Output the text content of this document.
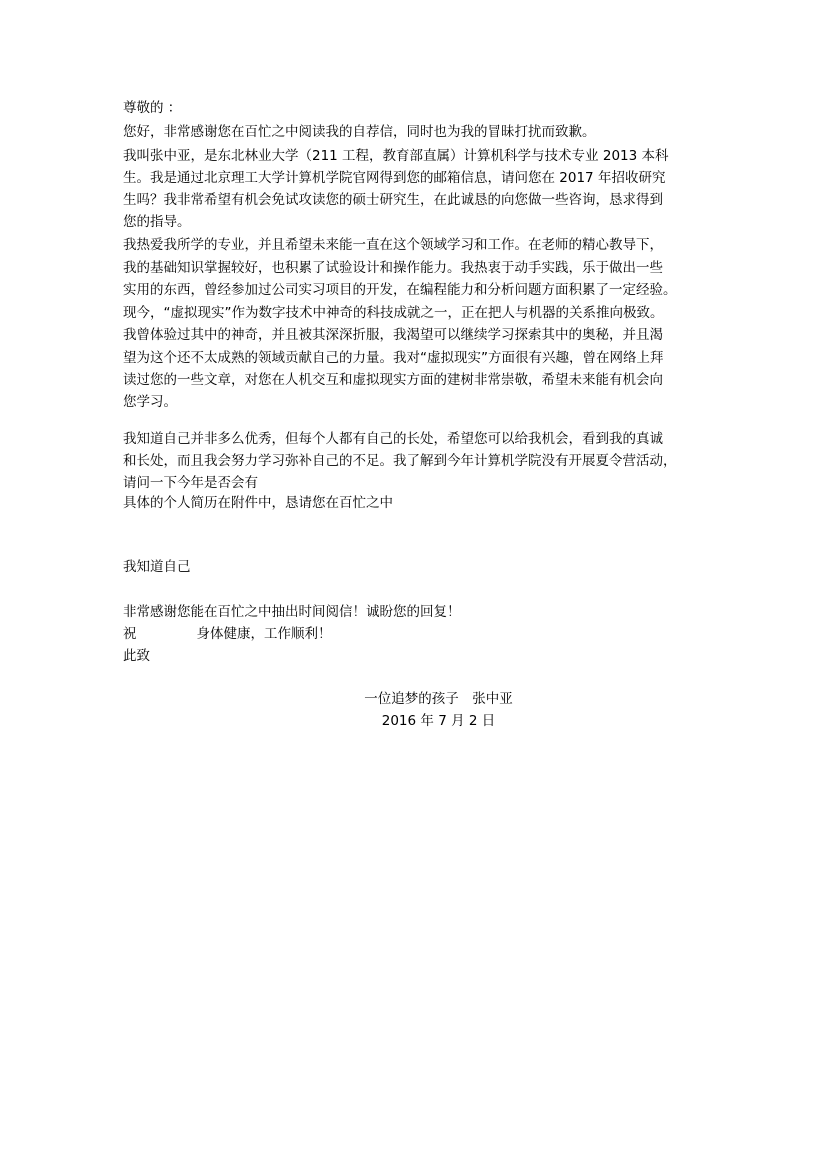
尊敬的 ：
您好，非常感谢您在百忙之中阅读我的自荐信，同时也为我的冒昧打扰而致歉。
我叫张中亚，是东北林业大学（211 工程，教育部直属）计算机科学与技术专业 2013 本科
生。我是通过北京理工大学计算机学院官网得到您的邮箱信息，请问您在 2017 年招收研究
生吗？我非常希望有机会免试攻读您的硕士研究生，在此诚恳的向您做一些咨询，恳求得到
您的指导。
我热爱我所学的专业，并且希望未来能一直在这个领域学习和工作。在老师的精心教导下，
我的基础知识掌握较好，也积累了试验设计和操作能力。我热衷于动手实践，乐于做出一些
实用的东西，曾经参加过公司实习项目的开发，在编程能力和分析问题方面积累了一定经验。
现今，“虚拟现实”作为数字技术中神奇的科技成就之一，正在把人与机器的关系推向极致。
我曾体验过其中的神奇，并且被其深深折服，我渴望可以继续学习探索其中的奥秘，并且渴
望为这个还不太成熟的领域贡献自己的力量。我对“虚拟现实”方面很有兴趣，曾在网络上拜
读过您的一些文章，对您在人机交互和虚拟现实方面的建树非常崇敬，希望未来能有机会向
您学习。
我知道自己并非多么优秀，但每个人都有自己的长处，希望您可以给我机会，看到我的真诚
和长处，而且我会努力学习弥补自己的不足。我了解到今年计算机学院没有开展夏令营活动，
请问一下今年是否会有
具体的个人简历在附件中，恳请您在百忙之中
我知道自己
非常感谢您能在百忙之中抽出时间阅信！诚盼您的回复！
祝	身体健康，工作顺利！
此致
一位追梦的孩子　张中亚
2016 年 7 月 2 日
